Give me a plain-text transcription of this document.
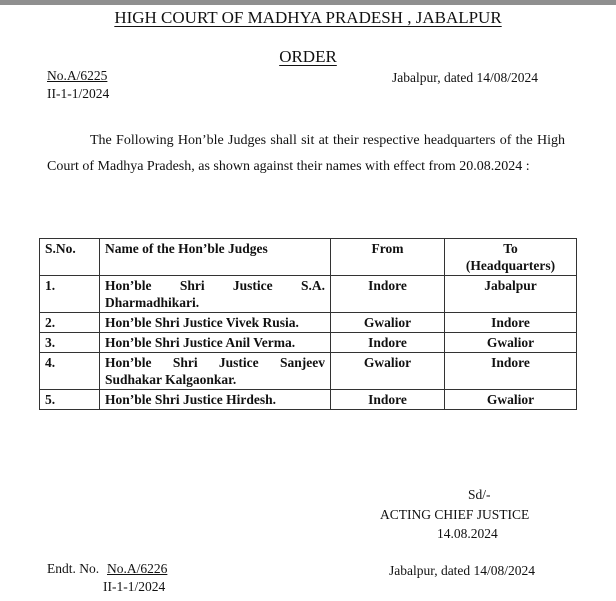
HIGH COURT OF MADHYA PRADESH , JABALPUR
ORDER
No.A/6225
II-1-1/2024
Jabalpur, dated 14/08/2024
The Following Hon’ble Judges shall sit at their respective headquarters of the High Court of Madhya Pradesh, as shown against their names with effect from 20.08.2024 :
S.No.	Name of the Hon’ble Judges	From	To
(Headquarters)

1.	Hon’ble Shri Justice S.A. Dharmadhikari.	Indore	Jabalpur
2.	Hon’ble Shri Justice Vivek Rusia.	Gwalior	Indore
3.	Hon’ble Shri Justice Anil Verma.	Indore	Gwalior
4.	Hon’ble Shri Justice Sanjeev Sudhakar Kalgaonkar.	Gwalior	Indore
5.	Hon’ble Shri Justice Hirdesh.	Indore	Gwalior
Sd/-
ACTING CHIEF JUSTICE
14.08.2024
Endt. No. No.A/6226
II-1-1/2024
Jabalpur, dated 14/08/2024
